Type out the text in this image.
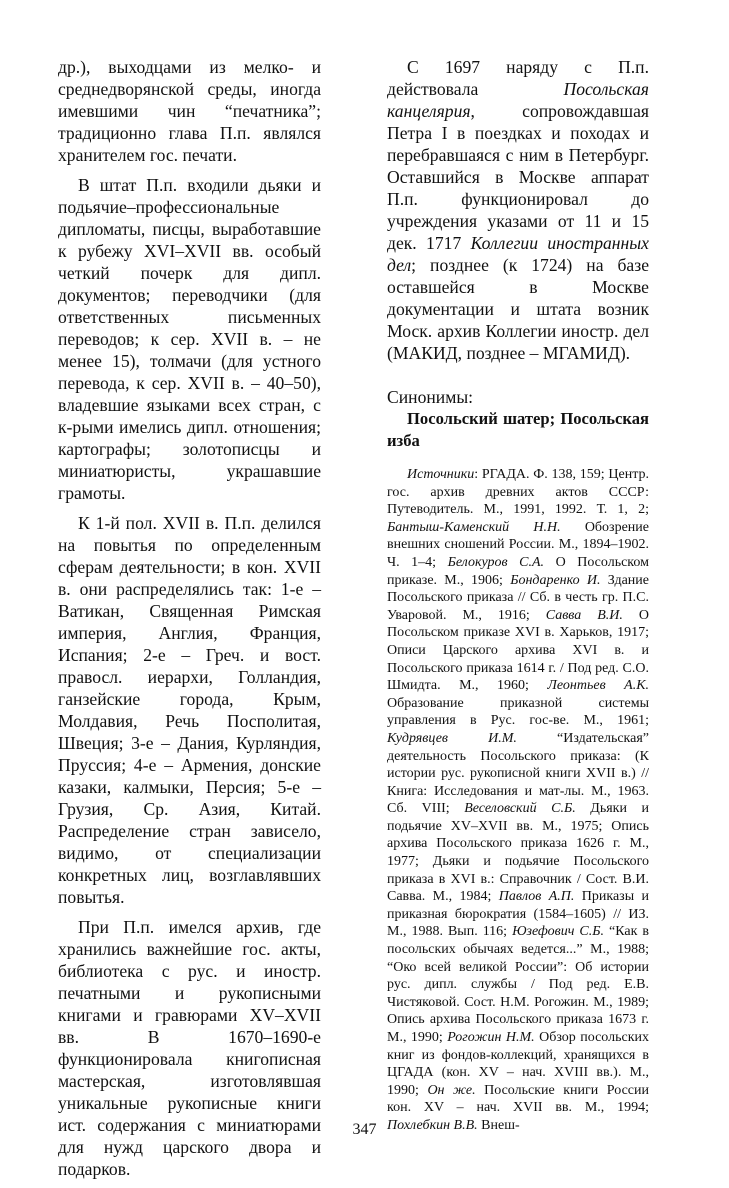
др.), выходцами из мелко- и среднедворянской среды, иногда имевшими чин “печатника”; традиционно глава П.п. являлся хранителем гос. печати.

В штат П.п. входили дьяки и подьячие–профессиональные дипломаты, писцы, выработавшие к рубежу XVI–XVII вв. особый четкий почерк для дипл. документов; переводчики (для ответственных письменных переводов; к сер. XVII в. – не менее 15), толмачи (для устного перевода, к сер. XVII в. – 40–50), владевшие языками всех стран, с к-рыми имелись дипл. отношения; картографы; золотописцы и миниатюристы, украшавшие грамоты.

К 1-й пол. XVII в. П.п. делился на повытья по определенным сферам деятельности; в кон. XVII в. они распределялись так: 1-е – Ватикан, Священная Римская империя, Англия, Франция, Испания; 2-е – Греч. и вост. правосл. иерархи, Голландия, ганзейские города, Крым, Молдавия, Речь Посполитая, Швеция; 3-е – Дания, Курляндия, Пруссия; 4-е – Армения, донские казаки, калмыки, Персия; 5-е – Грузия, Ср. Азия, Китай. Распределение стран зависело, видимо, от специализации конкретных лиц, возглавлявших повытья.

При П.п. имелся архив, где хранились важнейшие гос. акты, библиотека с рус. и иностр. печатными и рукописными книгами и гравюрами XV–XVII вв. В 1670–1690-е функционировала книгописная мастерская, изготовлявшая уникальные рукописные книги ист. содержания с миниатюрами для нужд царского двора и подарков.

С 1697 наряду с П.п. действовала Посольская канцелярия, сопровождавшая Петра I в поездках и походах и перебравшаяся с ним в Петербург. Оставшийся в Москве аппарат П.п. функционировал до учреждения указами от 11 и 15 дек. 1717 Коллегии иностранных дел; позднее (к 1724) на базе оставшейся в Москве документации и штата возник Моск. архив Коллегии иностр. дел (МАКИД, позднее – МГАМИД).

Синонимы:

Посольский шатер; Посольская изба

Источники: РГАДА. Ф. 138, 159; Центр. гос. архив древних актов СССР: Путеводитель. М., 1991, 1992. Т. 1, 2; Бантыш-Каменский Н.Н. Обозрение внешних сношений России. М., 1894–1902. Ч. 1–4; Белокуров С.А. О Посольском приказе. М., 1906; Бондаренко И. Здание Посольского приказа // Сб. в честь гр. П.С. Уваровой. М., 1916; Савва В.И. О Посольском приказе XVI в. Харьков, 1917; Описи Царского архива XVI в. и Посольского приказа 1614 г. / Под ред. С.О. Шмидта. М., 1960; Леонтьев А.К. Образование приказной системы управления в Рус. гос-ве. М., 1961; Кудрявцев И.М. “Издательская” деятельность Посольского приказа: (К истории рус. рукописной книги XVII в.) // Книга: Исследования и мат-лы. М., 1963. Сб. VIII; Веселовский С.Б. Дьяки и подьячие XV–XVII вв. М., 1975; Опись архива Посольского приказа 1626 г. М., 1977; Дьяки и подьячие Посольского приказа в XVI в.: Справочник / Сост. В.И. Савва. М., 1984; Павлов А.П. Приказы и приказная бюрократия (1584–1605) // ИЗ. М., 1988. Вып. 116; Юзефович С.Б. “Как в посольских обычаях ведется...” М., 1988; “Око всей великой России”: Об истории рус. дипл. службы / Под ред. Е.В. Чистяковой. Сост. Н.М. Рогожин. М., 1989; Опись архива Посольского приказа 1673 г. М., 1990; Рогожин Н.М. Обзор посольских книг из фондов-коллекций, хранящихся в ЦГАДА (кон. XV – нач. XVIII вв.). М., 1990; Он же. Посольские книги России кон. XV – нач. XVII вв. М., 1994; Похлебкин В.В. Внеш-

347
